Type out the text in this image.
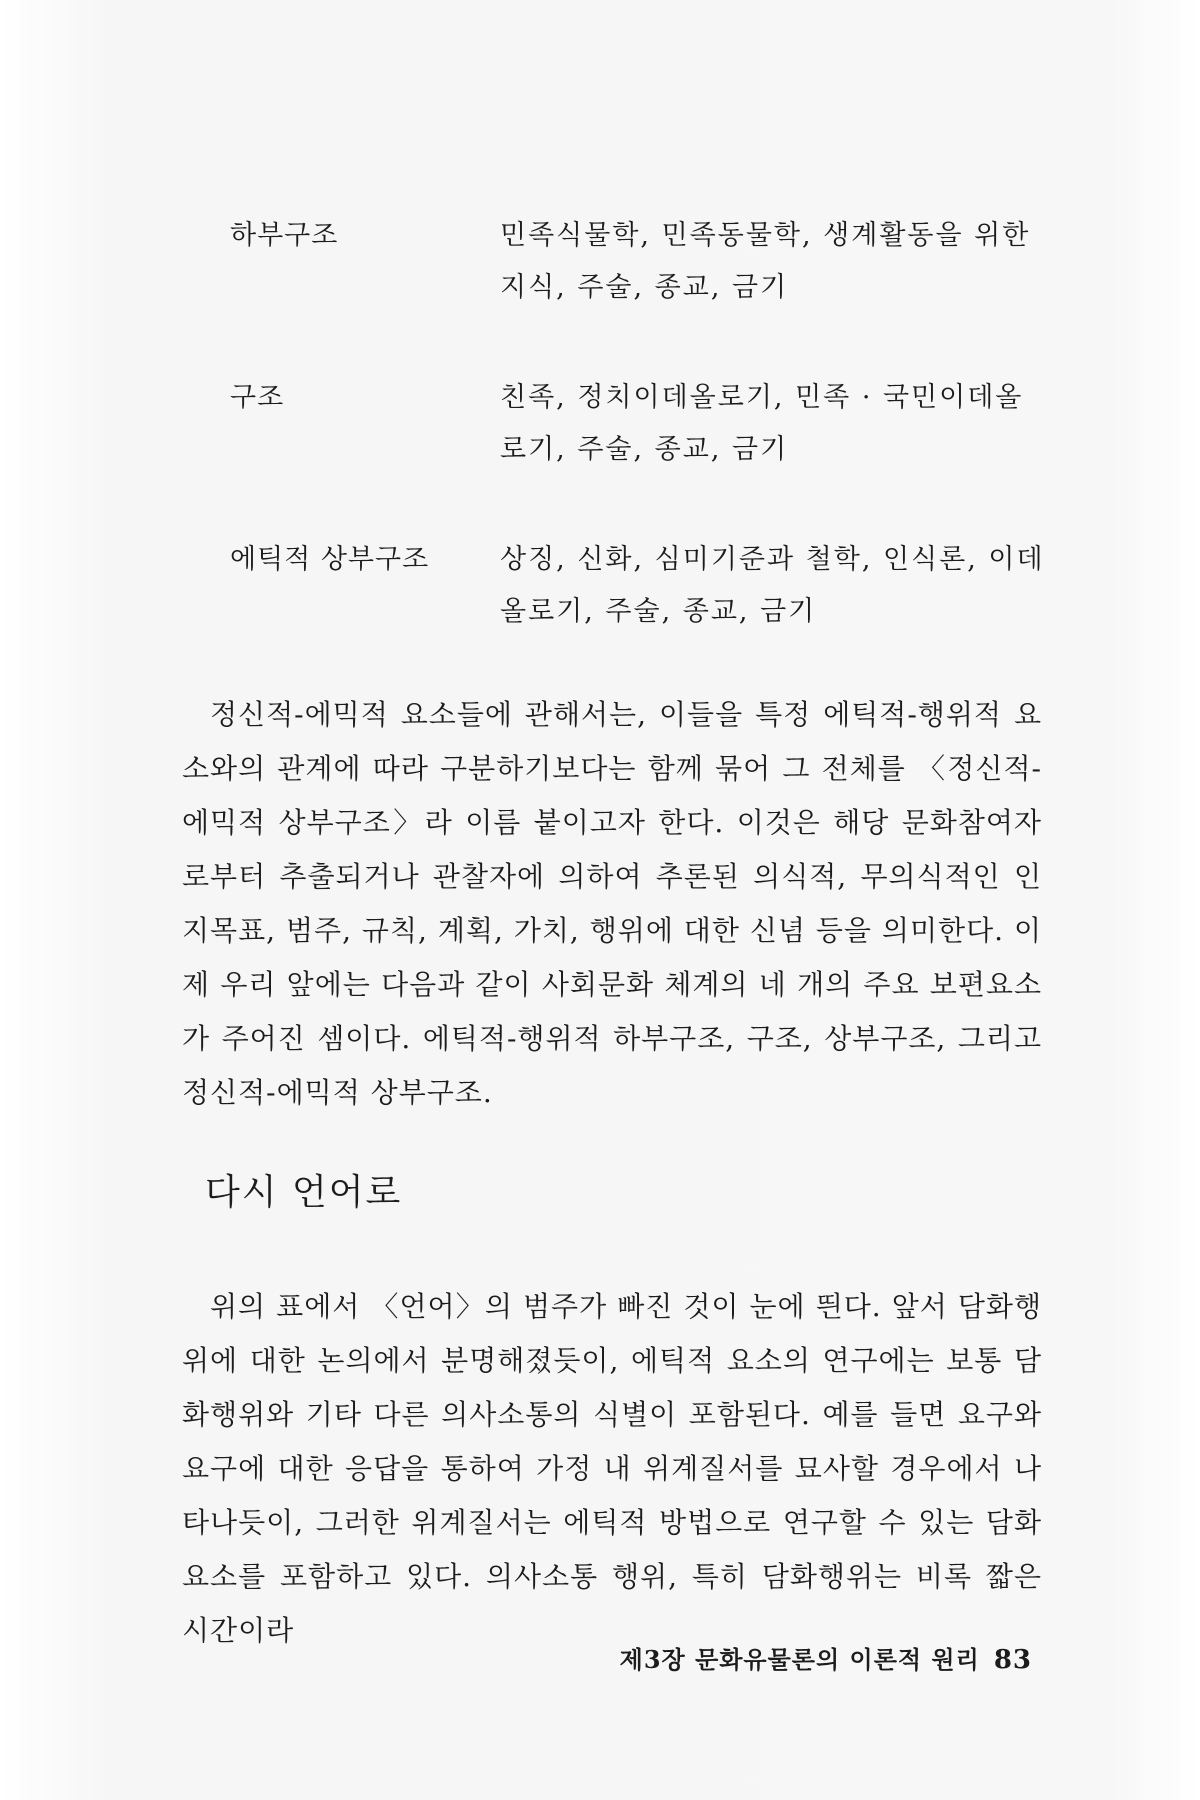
하부구조	민족식물학, 민족동물학, 생계활동을 위한 지식, 주술, 종교, 금기
구조	친족, 정치이데올로기, 민족 · 국민이데올로기, 주술, 종교, 금기
에틱적 상부구조	상징, 신화, 심미기준과 철학, 인식론, 이데올로기, 주술, 종교, 금기

정신적-에믹적 요소들에 관해서는, 이들을 특정 에틱적-행위적 요소와의 관계에 따라 구분하기보다는 함께 묶어 그 전체를 〈정신적-에믹적 상부구조〉라 이름 붙이고자 한다. 이것은 해당 문화참여자로부터 추출되거나 관찰자에 의하여 추론된 의식적, 무의식적인 인지목표, 범주, 규칙, 계획, 가치, 행위에 대한 신념 등을 의미한다. 이제 우리 앞에는 다음과 같이 사회문화 체계의 네 개의 주요 보편요소가 주어진 셈이다. 에틱적-행위적 하부구조, 구조, 상부구조, 그리고 정신적-에믹적 상부구조.

다시 언어로

위의 표에서 〈언어〉의 범주가 빠진 것이 눈에 띈다. 앞서 담화행위에 대한 논의에서 분명해졌듯이, 에틱적 요소의 연구에는 보통 담화행위와 기타 다른 의사소통의 식별이 포함된다. 예를 들면 요구와 요구에 대한 응답을 통하여 가정 내 위계질서를 묘사할 경우에서 나타나듯이, 그러한 위계질서는 에틱적 방법으로 연구할 수 있는 담화요소를 포함하고 있다. 의사소통 행위, 특히 담화행위는 비록 짧은 시간이라

제3장 문화유물론의 이론적 원리 83
